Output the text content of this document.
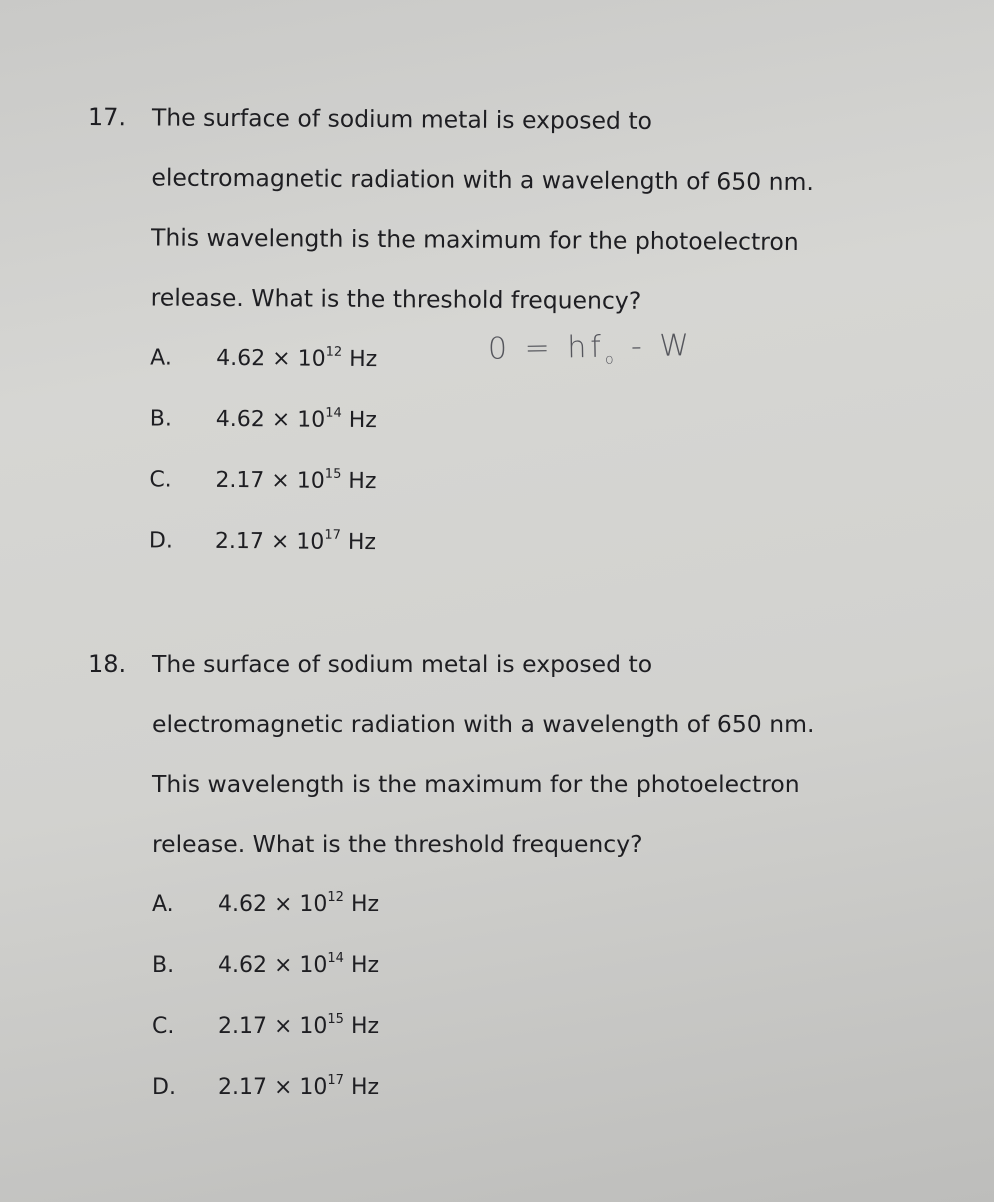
17. The surface of sodium metal is exposed to
electromagnetic radiation with a wavelength of 650 nm.
This wavelength is the maximum for the photoelectron
release. What is the threshold frequency?
A. $4.62 \times 10^{12}$ Hz
B. $4.62 \times 10^{14}$ Hz
C. $2.17 \times 10^{15}$ Hz
D. $2.17 \times 10^{17}$ Hz
18. The surface of sodium metal is exposed to
electromagnetic radiation with a wavelength of 650 nm.
This wavelength is the maximum for the photoelectron
release. What is the threshold frequency?
A. $4.62 \times 10^{12}$ Hz
B. $4.62 \times 10^{14}$ Hz
C. $2.17 \times 10^{15}$ Hz
D. $2.17 \times 10^{17}$ Hz
$0 = hf_o - W$
